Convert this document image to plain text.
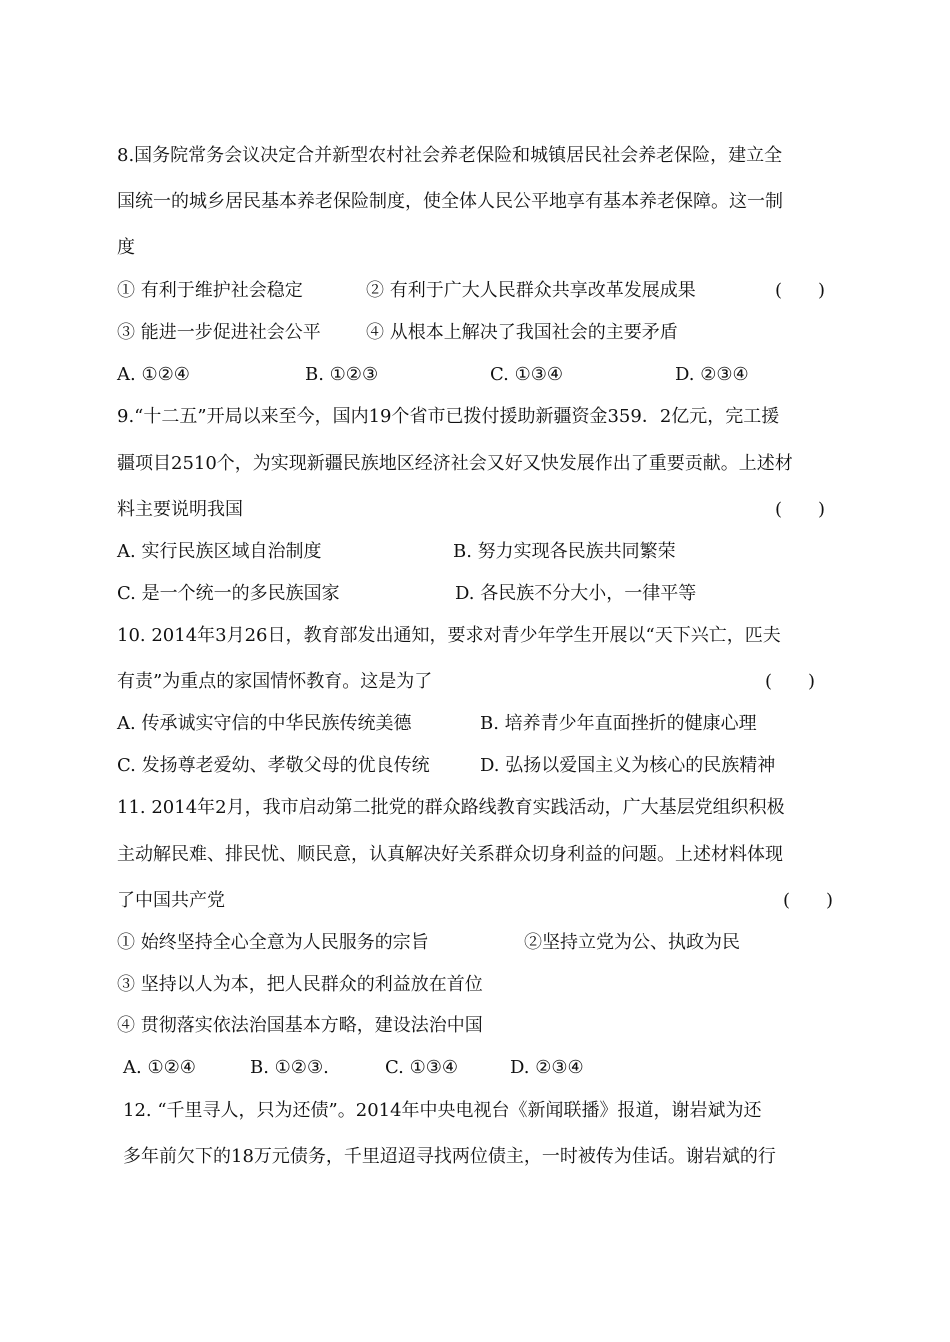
8.国务院常务会议决定合并新型农村社会养老保险和城镇居民社会养老保险，建立全
国统一的城乡居民基本养老保险制度，使全体人民公平地享有基本养老保障。这一制
度
① 有利于维护社会稳定	② 有利于广大人民群众共享改革发展成果	(　　)
③ 能进一步促进社会公平	④ 从根本上解决了我国社会的主要矛盾
A. ①②④	B. ①②③	C. ①③④	D. ②③④
9.“十二五”开局以来至今，国内19个省市已拨付援助新疆资金359．2亿元，完工援
疆项目2510个，为实现新疆民族地区经济社会又好又快发展作出了重要贡献。上述材
料主要说明我国	(　　)
A. 实行民族区域自治制度	B. 努力实现各民族共同繁荣
C. 是一个统一的多民族国家	D. 各民族不分大小，一律平等
10. 2014年3月26日，教育部发出通知，要求对青少年学生开展以“天下兴亡，匹夫
有责”为重点的家国情怀教育。这是为了	(　　)
A. 传承诚实守信的中华民族传统美德	B. 培养青少年直面挫折的健康心理
C. 发扬尊老爱幼、孝敬父母的优良传统	D. 弘扬以爱国主义为核心的民族精神
11. 2014年2月，我市启动第二批党的群众路线教育实践活动，广大基层党组织积极
主动解民难、排民忧、顺民意，认真解决好关系群众切身利益的问题。上述材料体现
了中国共产党	(　　)
① 始终坚持全心全意为人民服务的宗旨	②坚持立党为公、执政为民
③ 坚持以人为本，把人民群众的利益放在首位
④ 贯彻落实依法治国基本方略，建设法治中国
A. ①②④	B. ①②③.	C. ①③④	D. ②③④
12. “千里寻人，只为还债”。2014年中央电视台《新闻联播》报道，谢岩斌为还
多年前欠下的18万元债务，千里迢迢寻找两位债主，一时被传为佳话。谢岩斌的行
